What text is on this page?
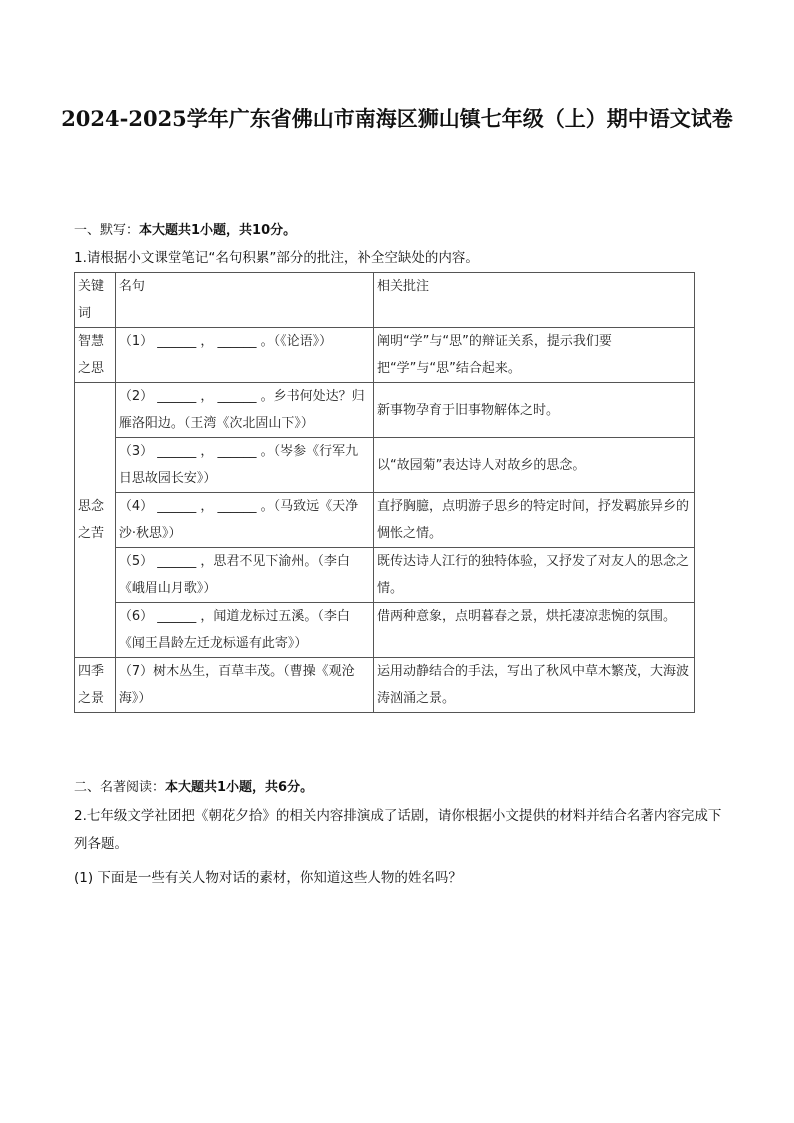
2024-2025学年广东省佛山市南海区狮山镇七年级（上）期中语文试卷
一、默写：本大题共1小题，共10分。
1.请根据小文课堂笔记“名句积累”部分的批注，补全空缺处的内容。
关键词	名句	相关批注
智慧之思	（1） ______ ， ______ 。（《论语》）	阐明“学”与“思”的辩证关系，提示我们要把“学”与“思”结合起来。
思念之苦	（2） ______ ， ______ 。乡书何处达？归雁洛阳边。（王湾《次北固山下》）	新事物孕育于旧事物解体之时。
	（3） ______ ， ______ 。（岑参《行军九日思故园长安》）	以“故园菊”表达诗人对故乡的思念。
	（4） ______ ， ______ 。（马致远《天净沙·秋思》）	直抒胸臆，点明游子思乡的特定时间，抒发羁旅异乡的惆怅之情。
	（5） ______ ，思君不见下渝州。（李白《峨眉山月歌》）	既传达诗人江行的独特体验，又抒发了对友人的思念之情。
	（6） ______ ，闻道龙标过五溪。（李白《闻王昌龄左迁龙标遥有此寄》）	借两种意象，点明暮春之景，烘托凄凉悲惋的氛围。
四季之景	（7）树木丛生，百草丰茂。（曹操《观沧海》）	运用动静结合的手法，写出了秋风中草木繁茂，大海波涛汹涌之景。
二、名著阅读：本大题共1小题，共6分。
2.七年级文学社团把《朝花夕拾》的相关内容排演成了话剧，请你根据小文提供的材料并结合名著内容完成下列各题。
(1) 下面是一些有关人物对话的素材，你知道这些人物的姓名吗？
